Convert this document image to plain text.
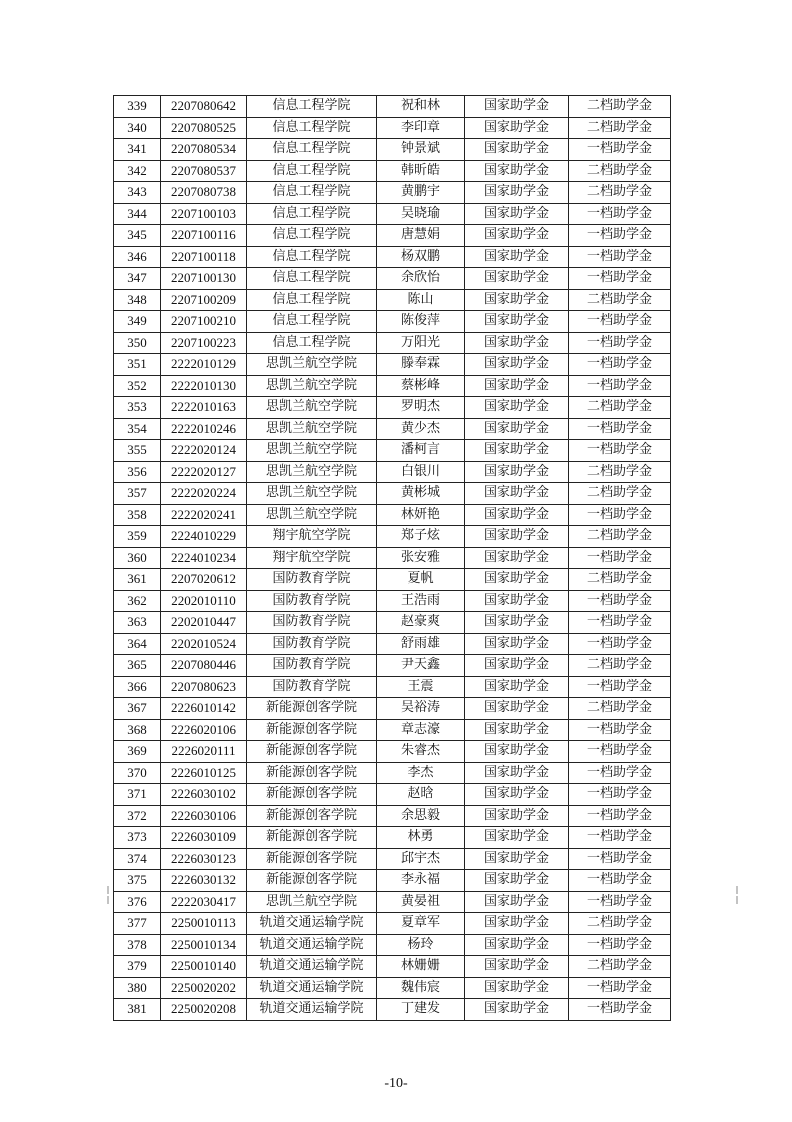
339	2207080642	信息工程学院	祝和林	国家助学金	二档助学金
340	2207080525	信息工程学院	李印章	国家助学金	二档助学金
341	2207080534	信息工程学院	钟景斌	国家助学金	一档助学金
342	2207080537	信息工程学院	韩昕皓	国家助学金	二档助学金
343	2207080738	信息工程学院	黄鹏宇	国家助学金	二档助学金
344	2207100103	信息工程学院	吴晓瑜	国家助学金	一档助学金
345	2207100116	信息工程学院	唐慧娟	国家助学金	一档助学金
346	2207100118	信息工程学院	杨双鹏	国家助学金	一档助学金
347	2207100130	信息工程学院	余欣怡	国家助学金	一档助学金
348	2207100209	信息工程学院	陈山	国家助学金	二档助学金
349	2207100210	信息工程学院	陈俊萍	国家助学金	一档助学金
350	2207100223	信息工程学院	万阳光	国家助学金	一档助学金
351	2222010129	思凯兰航空学院	滕奉霖	国家助学金	一档助学金
352	2222010130	思凯兰航空学院	蔡彬峰	国家助学金	一档助学金
353	2222010163	思凯兰航空学院	罗明杰	国家助学金	二档助学金
354	2222010246	思凯兰航空学院	黄少杰	国家助学金	一档助学金
355	2222020124	思凯兰航空学院	潘柯言	国家助学金	一档助学金
356	2222020127	思凯兰航空学院	白银川	国家助学金	二档助学金
357	2222020224	思凯兰航空学院	黄彬城	国家助学金	二档助学金
358	2222020241	思凯兰航空学院	林妍艳	国家助学金	一档助学金
359	2224010229	翔宇航空学院	郑子炫	国家助学金	二档助学金
360	2224010234	翔宇航空学院	张安雅	国家助学金	一档助学金
361	2207020612	国防教育学院	夏帆	国家助学金	二档助学金
362	2202010110	国防教育学院	王浩雨	国家助学金	一档助学金
363	2202010447	国防教育学院	赵豪爽	国家助学金	一档助学金
364	2202010524	国防教育学院	舒雨雄	国家助学金	一档助学金
365	2207080446	国防教育学院	尹天鑫	国家助学金	二档助学金
366	2207080623	国防教育学院	王震	国家助学金	一档助学金
367	2226010142	新能源创客学院	吴裕涛	国家助学金	二档助学金
368	2226020106	新能源创客学院	章志濠	国家助学金	一档助学金
369	2226020111	新能源创客学院	朱睿杰	国家助学金	一档助学金
370	2226010125	新能源创客学院	李杰	国家助学金	一档助学金
371	2226030102	新能源创客学院	赵晗	国家助学金	一档助学金
372	2226030106	新能源创客学院	余思毅	国家助学金	一档助学金
373	2226030109	新能源创客学院	林勇	国家助学金	一档助学金
374	2226030123	新能源创客学院	邱宇杰	国家助学金	一档助学金
375	2226030132	新能源创客学院	李永福	国家助学金	一档助学金
376	2222030417	思凯兰航空学院	黄晏祖	国家助学金	一档助学金
377	2250010113	轨道交通运输学院	夏章军	国家助学金	二档助学金
378	2250010134	轨道交通运输学院	杨玲	国家助学金	一档助学金
379	2250010140	轨道交通运输学院	林姗姗	国家助学金	二档助学金
380	2250020202	轨道交通运输学院	魏伟宸	国家助学金	一档助学金
381	2250020208	轨道交通运输学院	丁建发	国家助学金	一档助学金
-10-
